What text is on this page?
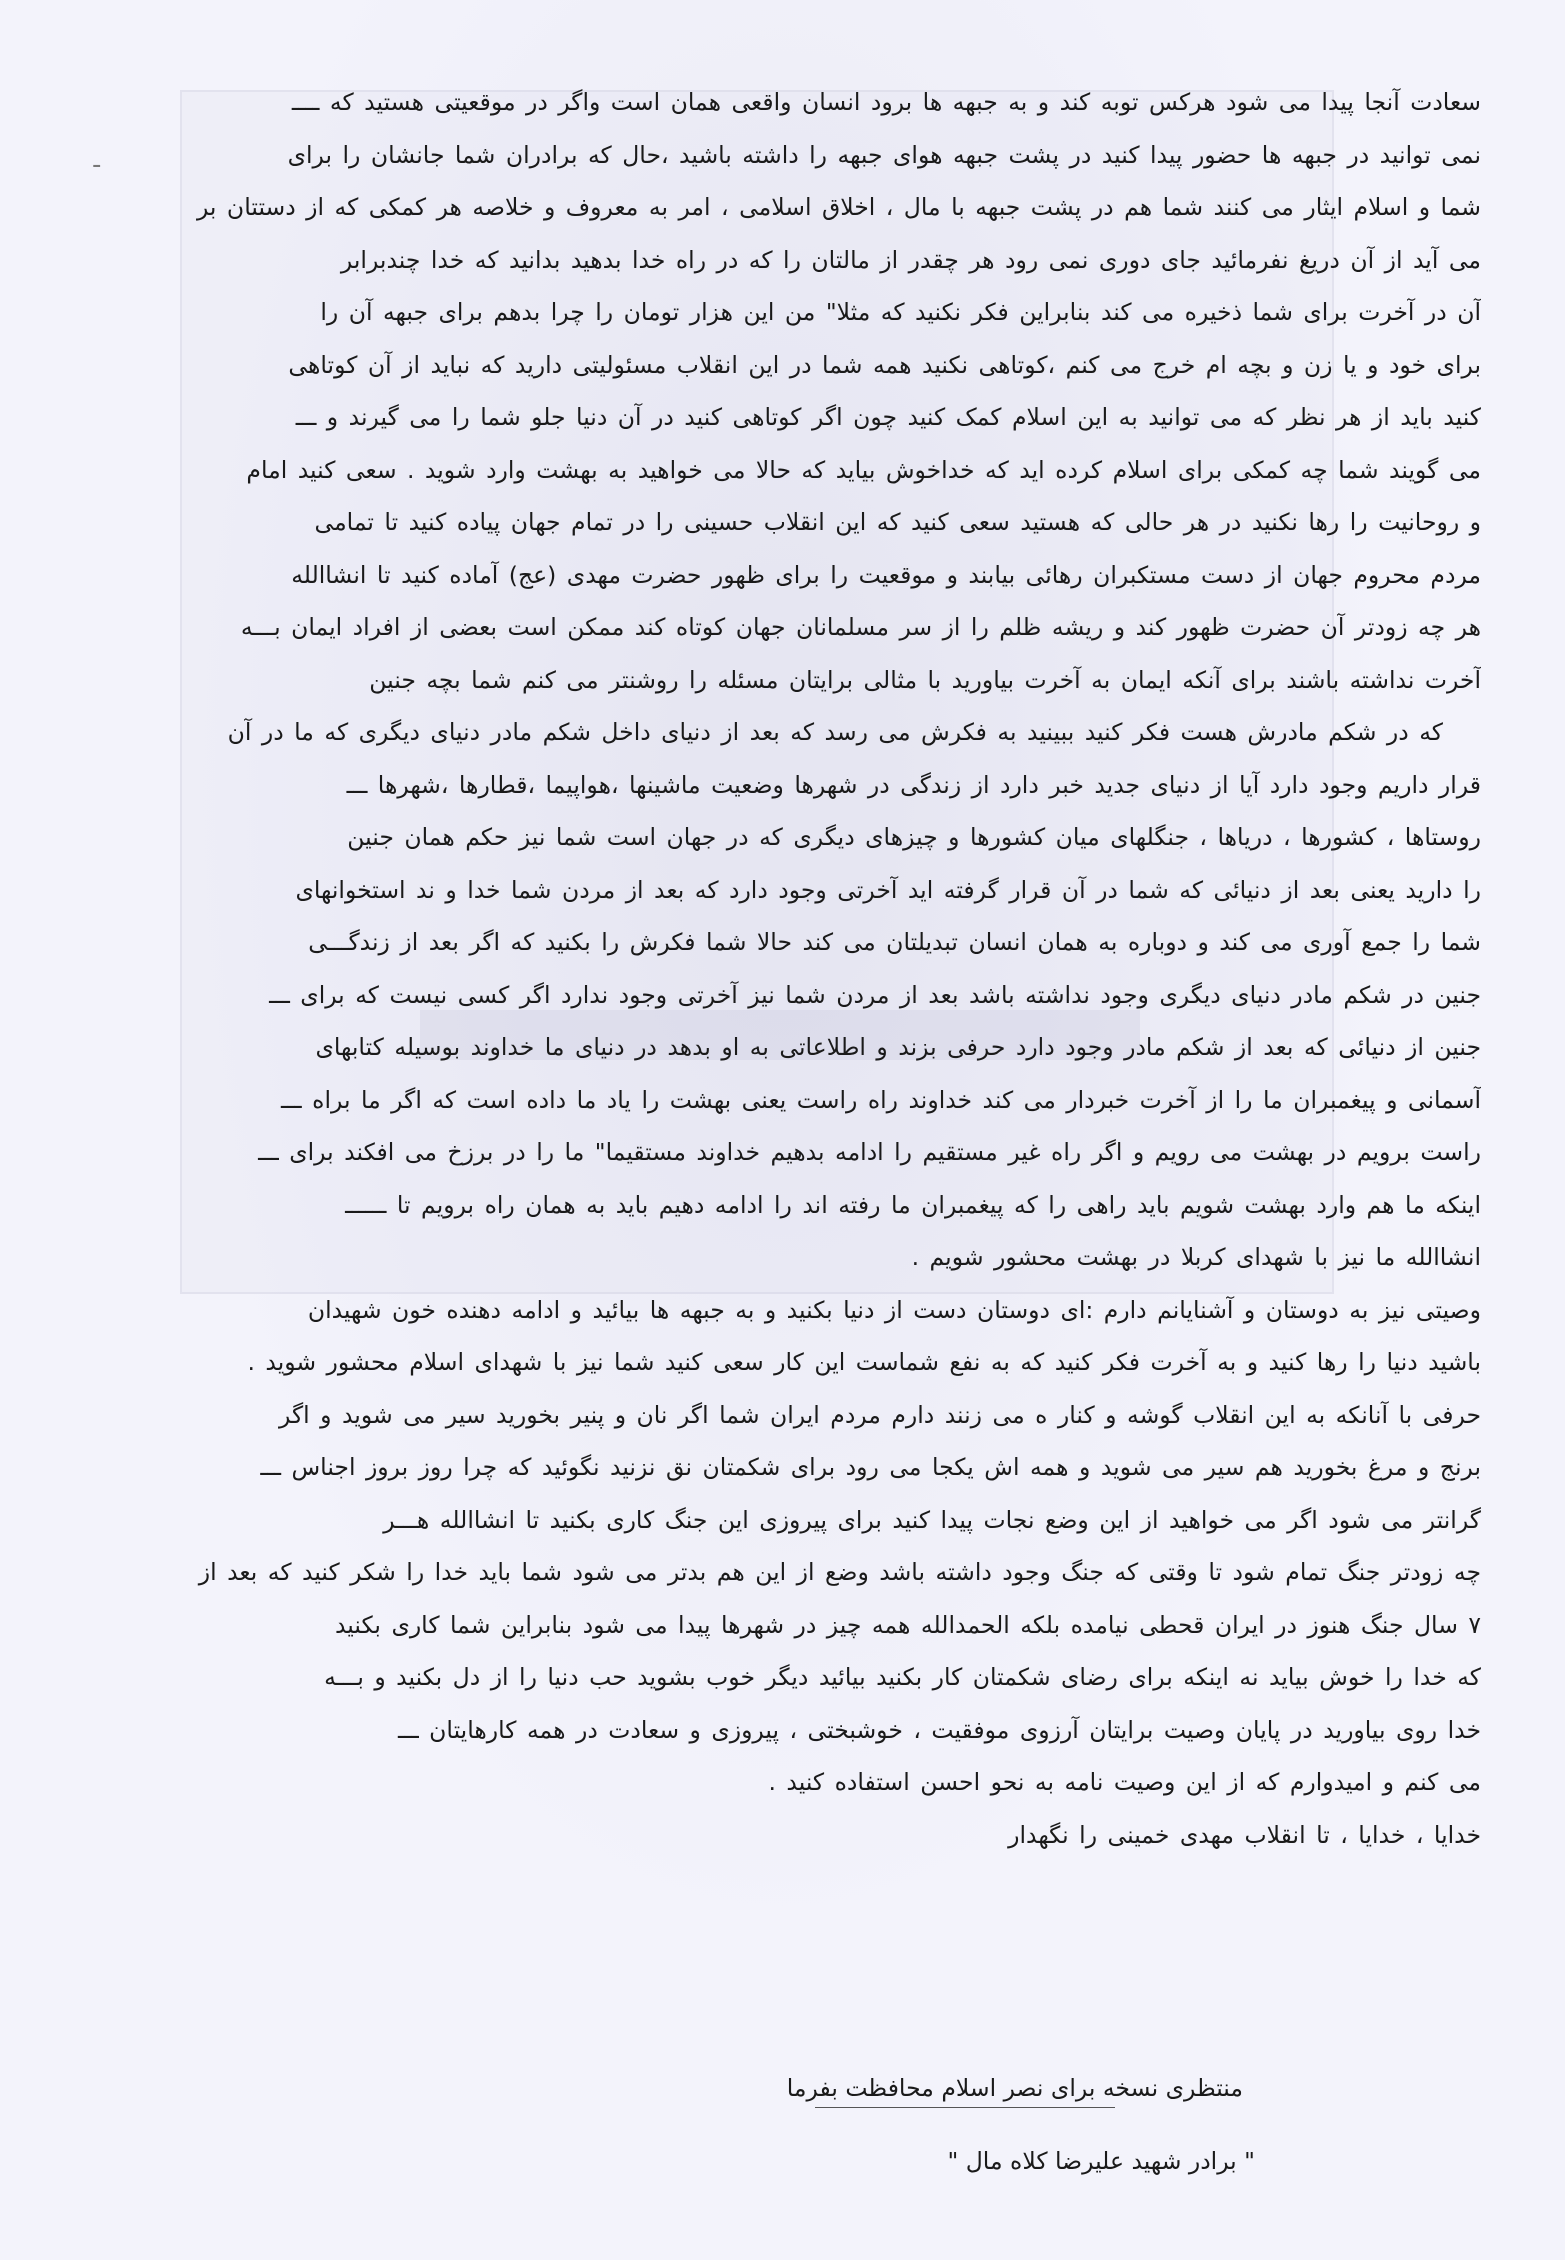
-
سعادت آنجا پیدا می شود هرکس توبه کند و به جبهه ها برود انسان واقعی همان است واگر در موقعیتی هستید که ــــ
نمی توانید در جبهه ها حضور پیدا کنید در پشت جبهه هوای جبهه را داشته باشید ،حال که برادران شما جانشان را برای
شما و اسلام ایثار می کنند شما هم در پشت جبهه با مال ، اخلاق اسلامی ، امر به معروف و خلاصه هر کمکی که از دستتان بر
می آید از آن دریغ نفرمائید جای دوری نمی رود هر چقدر از مالتان را که در راه خدا بدهید بدانید که خدا چندبرابر
آن در آخرت برای شما ذخیره می کند بنابراین فکر نکنید که مثلا" من این هزار تومان را چرا بدهم برای جبهه آن را
برای خود و یا زن و بچه ام خرج می کنم ،کوتاهی نکنید همه شما در این انقلاب مسئولیتی دارید که نباید از آن کوتاهی
کنید باید از هر نظر که می توانید به این اسلام کمک کنید چون اگر کوتاهی کنید در آن دنیا جلو شما را می گیرند و ـــ
می گویند شما چه کمکی برای اسلام کرده اید که خداخوش بیاید که حالا می خواهید به بهشت وارد شوید . سعی کنید امام
و روحانیت را رها نکنید در هر حالی که هستید سعی کنید که این انقلاب حسینی را در تمام جهان پیاده کنید تا تمامی
مردم محروم جهان از دست مستکبران رهائی بیابند و موقعیت را برای ظهور حضرت مهدی (عج) آماده کنید تا انشاالله
هر چه زودتر آن حضرت ظهور کند و ریشه ظلم را از سر مسلمانان جهان کوتاه کند ممکن است بعضی از افراد ایمان بـــه
آخرت نداشته باشند برای آنکه ایمان به آخرت بیاورید با مثالی برایتان مسئله را روشنتر می کنم شما بچه جنین
که در شکم مادرش هست فکر کنید ببینید به فکرش می رسد که بعد از دنیای داخل شکم مادر دنیای دیگری که ما در آن
قرار داریم وجود دارد آیا از دنیای جدید خبر دارد از زندگی در شهرها وضعیت ماشینها ،هواپیما ،قطارها ،شهرها ـــ
روستاها ، کشورها ، دریاها ، جنگلهای میان کشورها و چیزهای دیگری که در جهان است شما نیز حکم همان جنین
را دارید یعنی بعد از دنیائی که شما در آن قرار گرفته اید آخرتی وجود دارد که بعد از مردن شما خدا و ند استخوانهای
شما را جمع آوری می کند و دوباره به همان انسان تبدیلتان می کند حالا شما فکرش را بکنید که اگر بعد از زندگـــی
جنین در شکم مادر دنیای دیگری وجود نداشته باشد بعد از مردن شما نیز آخرتی وجود ندارد اگر کسی نیست که برای ـــ
جنین از دنیائی که بعد از شکم مادر وجود دارد حرفی بزند و اطلاعاتی به او بدهد در دنیای ما خداوند بوسیله کتابهای
آسمانی و پیغمبران ما را از آخرت خبردار می کند خداوند راه راست یعنی بهشت را یاد ما داده است که اگر ما براه ـــ
راست برویم در بهشت می رویم و اگر راه غیر مستقیم را ادامه بدهیم خداوند مستقیما" ما را در برزخ می افکند برای ـــ
اینکه ما هم وارد بهشت شویم باید راهی را که پیغمبران ما رفته اند را ادامه دهیم باید به همان راه برویم تا ــــــ
انشاالله ما نیز با شهدای کربلا در بهشت محشور شویم .
وصیتی نیز به دوستان و آشنایانم دارم :ای دوستان دست از دنیا بکنید و به جبهه ها بیائید و ادامه دهنده خون شهیدان
باشید دنیا را رها کنید و به آخرت فکر کنید که به نفع شماست این کار سعی کنید شما نیز با شهدای اسلام محشور شوید .
حرفی با آنانکه به این انقلاب گوشه و کنار ه می زنند دارم مردم ایران شما اگر نان و پنیر بخورید سیر می شوید و اگر
برنج و مرغ بخورید هم سیر می شوید و همه اش یکجا می رود برای شکمتان نق نزنید نگوئید که چرا روز بروز اجناس ـــ
گرانتر می شود اگر می خواهید از این وضع نجات پیدا کنید برای پیروزی این جنگ کاری بکنید تا انشاالله هـــر
چه زودتر جنگ تمام شود تا وقتی که جنگ وجود داشته باشد وضع از این هم بدتر می شود شما باید خدا را شکر کنید که بعد از
۷ سال جنگ هنوز در ایران قحطی نیامده بلکه الحمدالله همه چیز در شهرها پیدا می شود بنابراین شما کاری بکنید
که خدا را خوش بیاید نه اینکه برای رضای شکمتان کار بکنید بیائید دیگر خوب بشوید حب دنیا را از دل بکنید و بـــه
خدا روی بیاورید در پایان وصیت برایتان آرزوی موفقیت ، خوشبختی ، پیروزی و سعادت در همه کارهایتان ـــ
می کنم و امیدوارم که از این وصیت نامه به نحو احسن استفاده کنید .
خدایا ، خدایا ، تا انقلاب مهدی خمینی را نگهدار
منتظری نسخه برای نصر اسلام محافظت بفرما
" برادر شهید علیرضا کلاه مال "
